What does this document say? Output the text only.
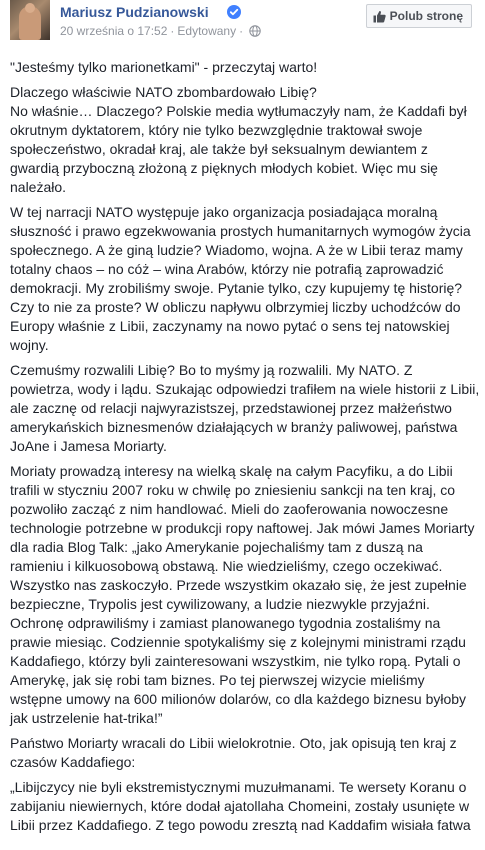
Mariusz Pudzianowski
20 września o 17:52 · Edytowany ·
Polub stronę

"Jesteśmy tylko marionetkami" - przeczytaj warto!

Dlaczego właściwie NATO zbombardowało Libię?
No właśnie… Dlaczego? Polskie media wytłumaczyły nam, że Kaddafi był okrutnym dyktatorem, który nie tylko bezwzględnie traktował swoje społeczeństwo, okradał kraj, ale także był seksualnym dewiantem z gwardią przyboczną złożoną z pięknych młodych kobiet. Więc mu się należało.

W tej narracji NATO występuje jako organizacja posiadająca moralną słuszność i prawo egzekwowania prostych humanitarnych wymogów życia społecznego. A że giną ludzie? Wiadomo, wojna. A że w Libii teraz mamy totalny chaos – no cóż – wina Arabów, którzy nie potrafią zaprowadzić demokracji. My zrobiliśmy swoje. Pytanie tylko, czy kupujemy tę historię? Czy to nie za proste? W obliczu napływu olbrzymiej liczby uchodźców do Europy właśnie z Libii, zaczynamy na nowo pytać o sens tej natowskiej wojny.

Czemuśmy rozwalili Libię? Bo to myśmy ją rozwalili. My NATO. Z powietrza, wody i lądu. Szukając odpowiedzi trafiłem na wiele historii z Libii, ale zacznę od relacji najwyrazistszej, przedstawionej przez małżeństwo amerykańskich biznesmenów działających w branży paliwowej, państwa JoAne i Jamesa Moriarty.

Moriaty prowadzą interesy na wielką skalę na całym Pacyfiku, a do Libii trafili w styczniu 2007 roku w chwilę po zniesieniu sankcji na ten kraj, co pozwoliło zacząć z nim handlować. Mieli do zaoferowania nowoczesne technologie potrzebne w produkcji ropy naftowej. Jak mówi James Moriarty dla radia Blog Talk: „jako Amerykanie pojechaliśmy tam z duszą na ramieniu i kilkuosobową obstawą. Nie wiedzieliśmy, czego oczekiwać. Wszystko nas zaskoczyło. Przede wszystkim okazało się, że jest zupełnie bezpieczne, Trypolis jest cywilizowany, a ludzie niezwykle przyjaźni. Ochronę odprawiliśmy i zamiast planowanego tygodnia zostaliśmy na prawie miesiąc. Codziennie spotykaliśmy się z kolejnymi ministrami rządu Kaddafiego, którzy byli zainteresowani wszystkim, nie tylko ropą. Pytali o Amerykę, jak się robi tam biznes. Po tej pierwszej wizycie mieliśmy wstępne umowy na 600 milionów dolarów, co dla każdego biznesu byłoby jak ustrzelenie hat-trika!”

Państwo Moriarty wracali do Libii wielokrotnie. Oto, jak opisują ten kraj z czasów Kaddafiego:

„Libijczycy nie byli ekstremistycznymi muzułmanami. Te wersety Koranu o zabijaniu niewiernych, które dodał ajatollaha Chomeini, zostały usunięte w Libii przez Kaddafiego. Z tego powodu zresztą nad Kaddafim wisiała fatwa
